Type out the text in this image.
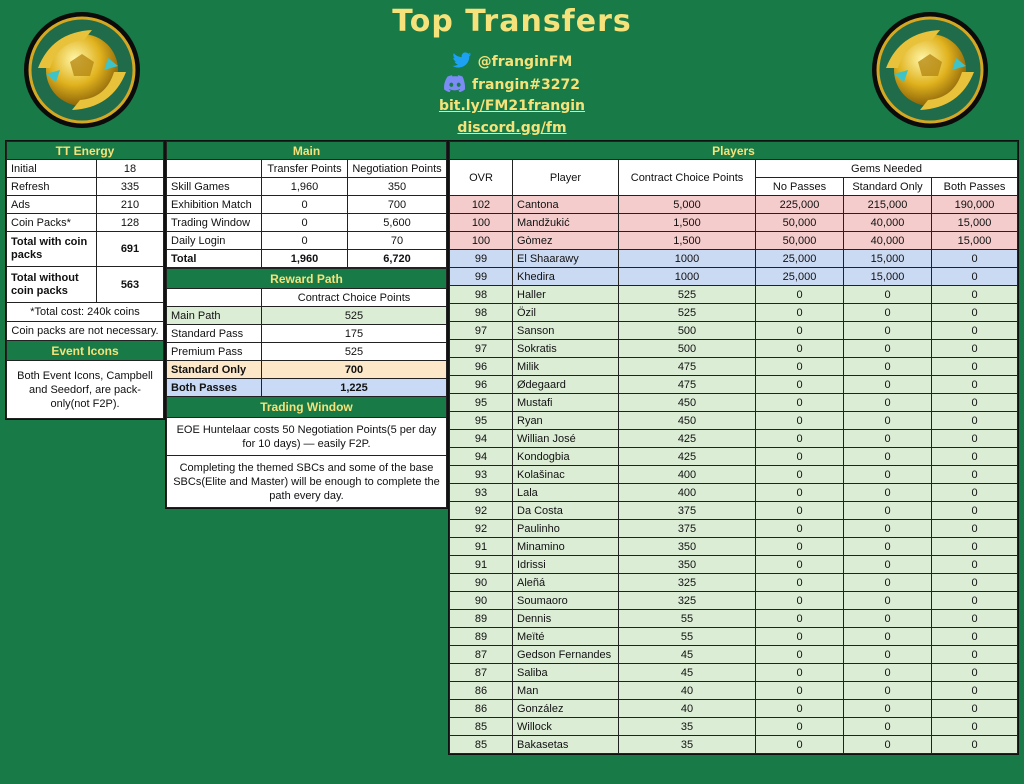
Top Transfers
@franginFM
frangin#3272
bit.ly/FM21frangin
discord.gg/fm
TT Energy	
Initial	18
Refresh	335
Ads	210
Coin Packs*	128
Total with coin packs	691
Total without coin packs	563
*Total cost: 240k coins	
Coin packs are not necessary.	
Event Icons	
Both Event Icons, Campbell and Seedorf, are pack-only(not F2P).	
Main		
	Transfer Points	Negotiation Points
Skill Games	1,960	350
Exhibition Match	0	700
Trading Window	0	5,600
Daily Login	0	70
Total	1,960	6,720
Reward Path	
	Contract Choice Points
Main Path	525
Standard Pass	175
Premium Pass	525
Standard Only	700
Both Passes	1,225
Trading Window	
EOE Huntelaar costs 50 Negotiation Points(5 per day for 10 days) — easily F2P.	
Completing the themed SBCs and some of the base SBCs(Elite and Master) will be enough to complete the path every day.	
Players					
OVR	Player	Contract Choice Points	Gems Needed		
			No Passes	Standard Only	Both Passes
102	Cantona	5,000	225,000	215,000	190,000
100	Mandžukić	1,500	50,000	40,000	15,000
100	Gòmez	1,500	50,000	40,000	15,000
99	El Shaarawy	1000	25,000	15,000	0
99	Khedira	1000	25,000	15,000	0
98	Haller	525	0	0	0
98	Özil	525	0	0	0
97	Sanson	500	0	0	0
97	Sokratis	500	0	0	0
96	Milik	475	0	0	0
96	Ødegaard	475	0	0	0
95	Mustafi	450	0	0	0
95	Ryan	450	0	0	0
94	Willian José	425	0	0	0
94	Kondogbia	425	0	0	0
93	Kolašinac	400	0	0	0
93	Lala	400	0	0	0
92	Da Costa	375	0	0	0
92	Paulinho	375	0	0	0
91	Minamino	350	0	0	0
91	Idrissi	350	0	0	0
90	Aleñá	325	0	0	0
90	Soumaoro	325	0	0	0
89	Dennis	55	0	0	0
89	Meïté	55	0	0	0
87	Gedson Fernandes	45	0	0	0
87	Saliba	45	0	0	0
86	Man	40	0	0	0
86	González	40	0	0	0
85	Willock	35	0	0	0
85	Bakasetas	35	0	0	0
